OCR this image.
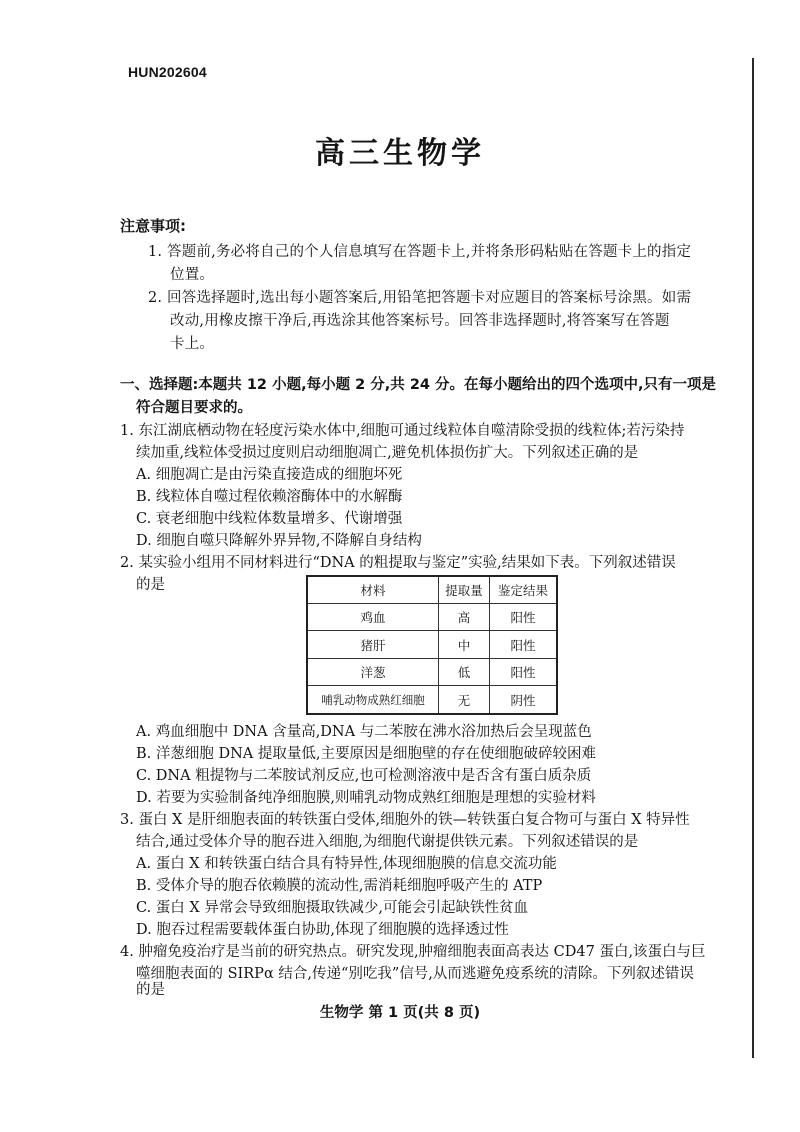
HUN202604
高三生物学
注意事项:
1. 答题前,务必将自己的个人信息填写在答题卡上,并将条形码粘贴在答题卡上的指定
位置。
2. 回答选择题时,选出每小题答案后,用铅笔把答题卡对应题目的答案标号涂黑。如需
改动,用橡皮擦干净后,再选涂其他答案标号。回答非选择题时,将答案写在答题
卡上。
一、选择题:本题共 12 小题,每小题 2 分,共 24 分。在每小题给出的四个选项中,只有一项是
符合题目要求的。
1. 东江湖底栖动物在轻度污染水体中,细胞可通过线粒体自噬清除受损的线粒体;若污染持
续加重,线粒体受损过度则启动细胞凋亡,避免机体损伤扩大。下列叙述正确的是
A. 细胞凋亡是由污染直接造成的细胞坏死
B. 线粒体自噬过程依赖溶酶体中的水解酶
C. 衰老细胞中线粒体数量增多、代谢增强
D. 细胞自噬只降解外界异物,不降解自身结构
2. 某实验小组用不同材料进行“DNA 的粗提取与鉴定”实验,结果如下表。下列叙述错误
的是	材料	提取量	鉴定结果
鸡血	高	阳性
猪肝	中	阳性
洋葱	低	阳性
哺乳动物成熟红细胞	无	阴性
A. 鸡血细胞中 DNA 含量高,DNA 与二苯胺在沸水浴加热后会呈现蓝色
B. 洋葱细胞 DNA 提取量低,主要原因是细胞壁的存在使细胞破碎较困难
C. DNA 粗提物与二苯胺试剂反应,也可检测溶液中是否含有蛋白质杂质
D. 若要为实验制备纯净细胞膜,则哺乳动物成熟红细胞是理想的实验材料
3. 蛋白 X 是肝细胞表面的转铁蛋白受体,细胞外的铁—转铁蛋白复合物可与蛋白 X 特异性
结合,通过受体介导的胞吞进入细胞,为细胞代谢提供铁元素。下列叙述错误的是
A. 蛋白 X 和转铁蛋白结合具有特异性,体现细胞膜的信息交流功能
B. 受体介导的胞吞依赖膜的流动性,需消耗细胞呼吸产生的 ATP
C. 蛋白 X 异常会导致细胞摄取铁减少,可能会引起缺铁性贫血
D. 胞吞过程需要载体蛋白协助,体现了细胞膜的选择透过性
4. 肿瘤免疫治疗是当前的研究热点。研究发现,肿瘤细胞表面高表达 CD47 蛋白,该蛋白与巨
噬细胞表面的 SIRPα 结合,传递“别吃我”信号,从而逃避免疫系统的清除。下列叙述错误
的是
生物学 第 1 页(共 8 页)
